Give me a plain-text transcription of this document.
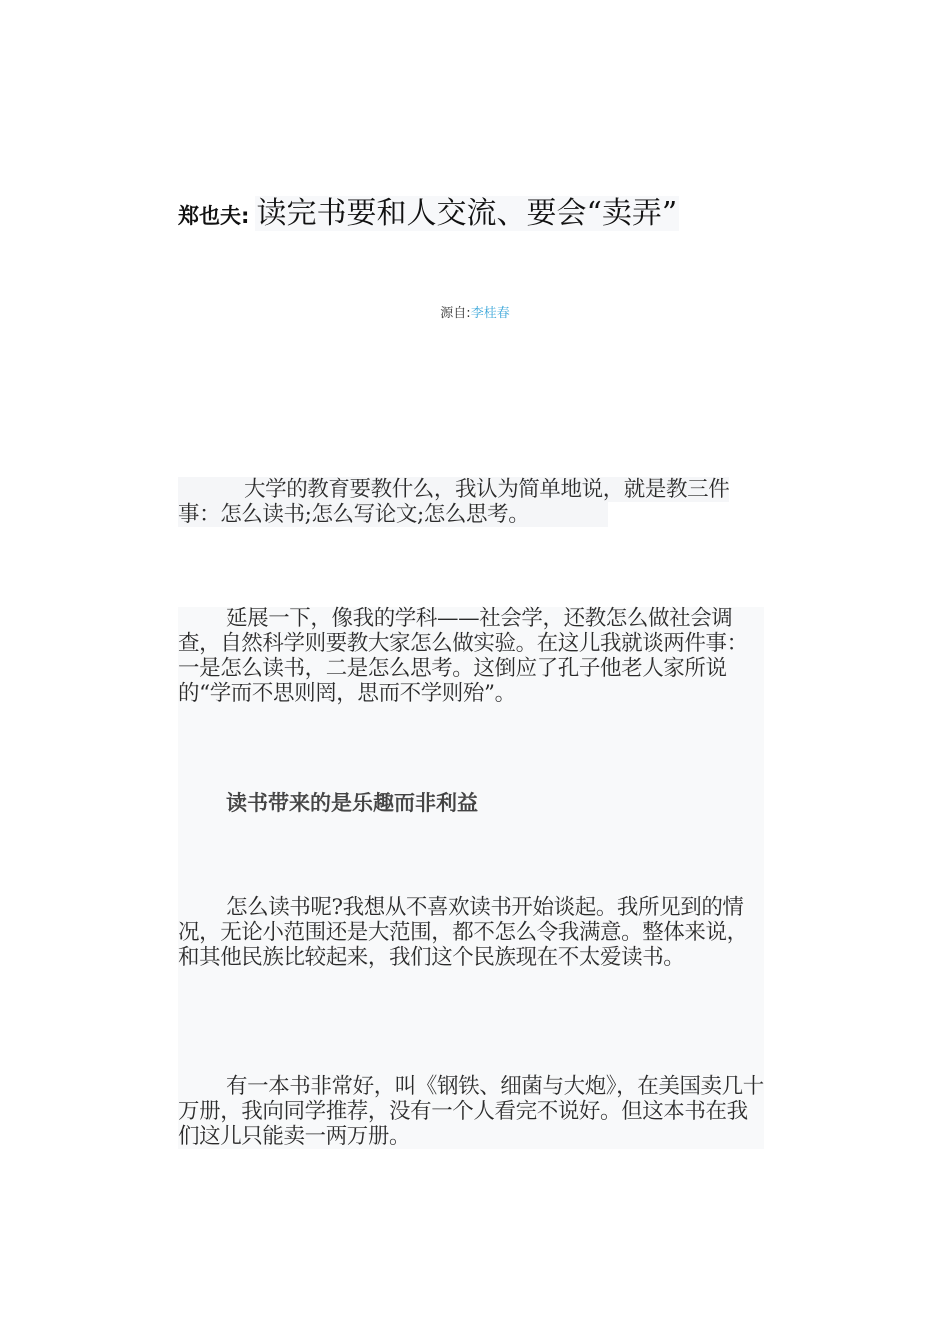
郑也夫: 读完书要和人交流、要会“卖弄”
源自:李桂春
大学的教育要教什么，我认为简单地说，就是教三件事：怎么读书;怎么写论文;怎么思考。
延展一下，像我的学科——社会学，还教怎么做社会调查，自然科学则要教大家怎么做实验。在这儿我就谈两件事：一是怎么读书，二是怎么思考。这倒应了孔子他老人家所说的“学而不思则罔，思而不学则殆”。
读书带来的是乐趣而非利益
怎么读书呢?我想从不喜欢读书开始谈起。我所见到的情况，无论小范围还是大范围，都不怎么令我满意。整体来说，和其他民族比较起来，我们这个民族现在不太爱读书。
有一本书非常好，叫《钢铁、细菌与大炮》，在美国卖几十万册，我向同学推荐，没有一个人看完不说好。但这本书在我们这儿只能卖一两万册。
